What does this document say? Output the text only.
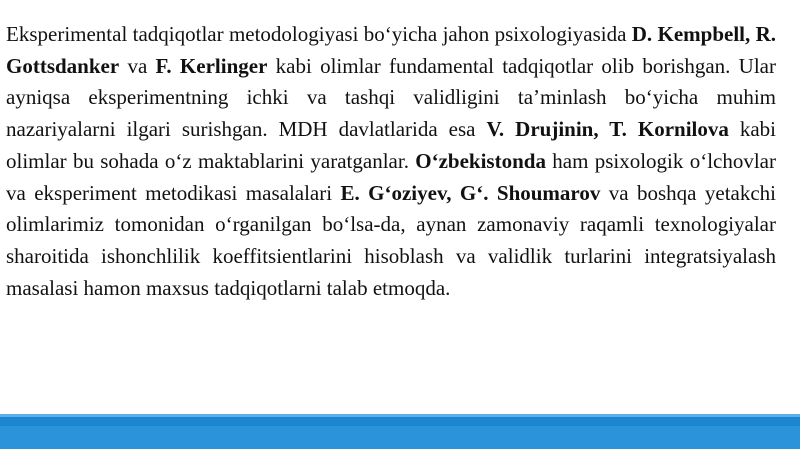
Eksperimental tadqiqotlar metodologiyasi bo‘yicha jahon psixologiyasida D. Kempbell, R. Gottsdanker va F. Kerlinger kabi olimlar fundamental tadqiqotlar olib borishgan. Ular ayniqsa eksperimentning ichki va tashqi validligini ta’minlash bo‘yicha muhim nazariyalarni ilgari surishgan. MDH davlatlarida esa V. Drujinin, T. Kornilova kabi olimlar bu sohada o‘z maktablarini yaratganlar. O‘zbekistonda ham psixologik o‘lchovlar va eksperiment metodikasi masalalari E. G‘oziyev, G‘. Shoumarov va boshqa yetakchi olimlarimiz tomonidan o‘rganilgan bo‘lsa-da, aynan zamonaviy raqamli texnologiyalar sharoitida ishonchlilik koeffitsientlarini hisoblash va validlik turlarini integratsiyalash masalasi hamon maxsus tadqiqotlarni talab etmoqda.
